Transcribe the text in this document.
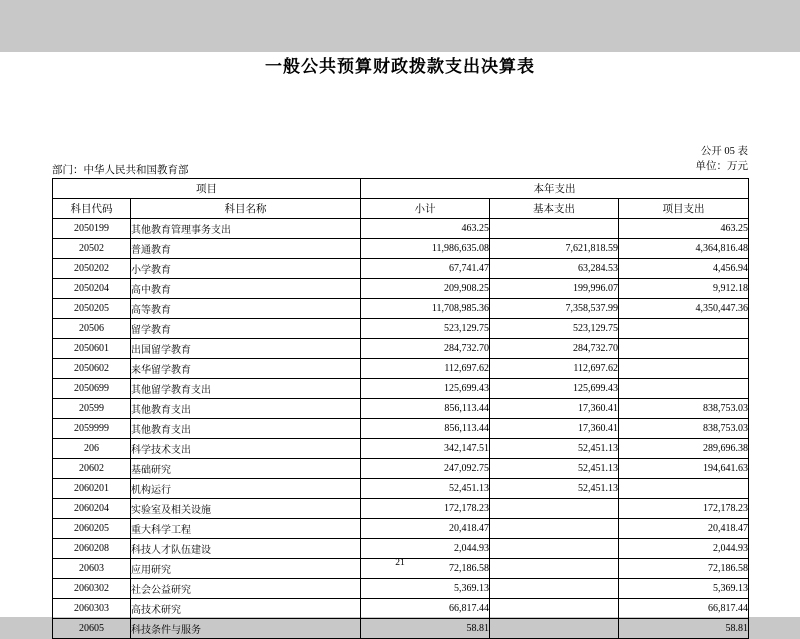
一般公共预算财政拨款支出决算表
公开 05 表
单位：万元
部门：中华人民共和国教育部
项目		本年支出		
科目代码	科目名称	小计	基本支出	项目支出
2050199	其他教育管理事务支出	463.25		463.25
20502	普通教育	11,986,635.08	7,621,818.59	4,364,816.48
2050202	小学教育	67,741.47	63,284.53	4,456.94
2050204	高中教育	209,908.25	199,996.07	9,912.18
2050205	高等教育	11,708,985.36	7,358,537.99	4,350,447.36
20506	留学教育	523,129.75	523,129.75	
2050601	出国留学教育	284,732.70	284,732.70	
2050602	来华留学教育	112,697.62	112,697.62	
2050699	其他留学教育支出	125,699.43	125,699.43	
20599	其他教育支出	856,113.44	17,360.41	838,753.03
2059999	其他教育支出	856,113.44	17,360.41	838,753.03
206	科学技术支出	342,147.51	52,451.13	289,696.38
20602	基础研究	247,092.75	52,451.13	194,641.63
2060201	机构运行	52,451.13	52,451.13	
2060204	实验室及相关设施	172,178.23		172,178.23
2060205	重大科学工程	20,418.47		20,418.47
2060208	科技人才队伍建设	2,044.93		2,044.93
20603	应用研究	72,186.58		72,186.58
2060302	社会公益研究	5,369.13		5,369.13
2060303	高技术研究	66,817.44		66,817.44
20605	科技条件与服务	58.81		58.81
21
